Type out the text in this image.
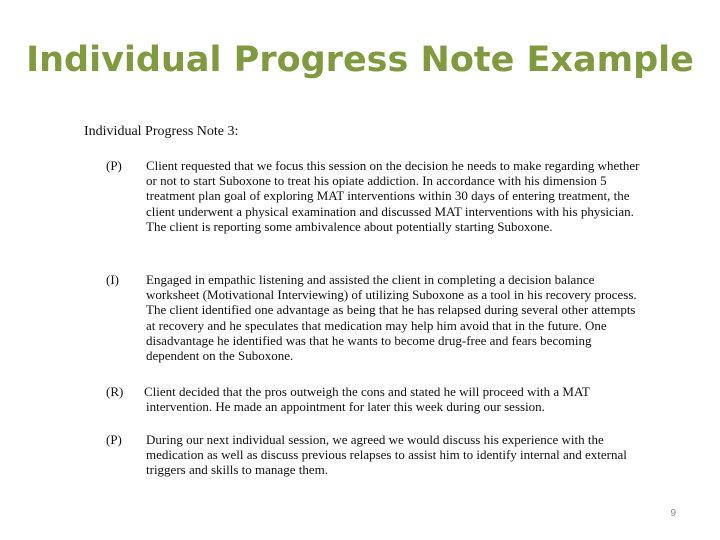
Individual Progress Note Example
Individual Progress Note 3:
(P)	Client requested that we focus this session on the decision he needs to make regarding whether or not to start Suboxone to treat his opiate addiction. In accordance with his dimension 5 treatment plan goal of exploring MAT interventions within 30 days of entering treatment, the client underwent a physical examination and discussed MAT interventions with his physician. The client is reporting some ambivalence about potentially starting Suboxone.
(I)	Engaged in empathic listening and assisted the client in completing a decision balance worksheet (Motivational Interviewing) of utilizing Suboxone as a tool in his recovery process. The client identified one advantage as being that he has relapsed during several other attempts at recovery and he speculates that medication may help him avoid that in the future. One disadvantage he identified was that he wants to become drug-free and fears becoming dependent on the Suboxone.
(R)	Client decided that the pros outweigh the cons and stated he will proceed with a MAT intervention. He made an appointment for later this week during our session.
(P)	During our next individual session, we agreed we would discuss his experience with the medication as well as discuss previous relapses to assist him to identify internal and external triggers and skills to manage them.
9
